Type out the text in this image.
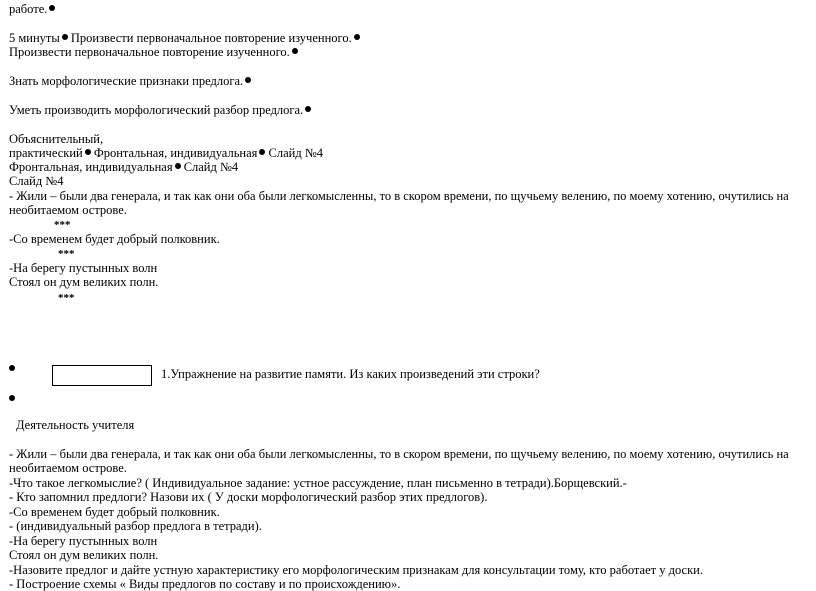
работе.
5 минуты Произвести первоначальное повторение изученного.
Произвести первоначальное повторение изученного.
Знать морфологические признаки предлога.
Уметь производить морфологический разбор предлога.
Объяснительный,
практический Фронтальная, индивидуальная Слайд №4
Фронтальная, индивидуальная Слайд №4
Слайд №4
- Жили – были два генерала, и так как они оба были легкомысленны, то в скором времени, по щучьему велению, по моему хотению, очутились на
необитаемом острове.
***
-Со временем будет добрый полковник.
***
-На берегу пустынных волн
Стоял он дум великих полн.
***
1.Упражнение на развитие памяти. Из каких произведений эти строки?
Деятельность учителя
- Жили – были два генерала, и так как они оба были легкомысленны, то в скором времени, по щучьему велению, по моему хотению, очутились на
необитаемом острове.
-Что такое легкомыслие? ( Индивидуальное задание: устное рассуждение, план письменно в тетради).Борщевский.-
- Кто запомнил предлоги? Назови их ( У доски морфологический разбор этих предлогов).
-Со временем будет добрый полковник.
- (индивидуальный разбор предлога в тетради).
-На берегу пустынных волн
Стоял он дум великих полн.
-Назовите предлог и дайте устную характеристику его морфологическим признакам для консультации тому, кто работает у доски.
- Построение схемы « Виды предлогов по составу и по происхождению».
